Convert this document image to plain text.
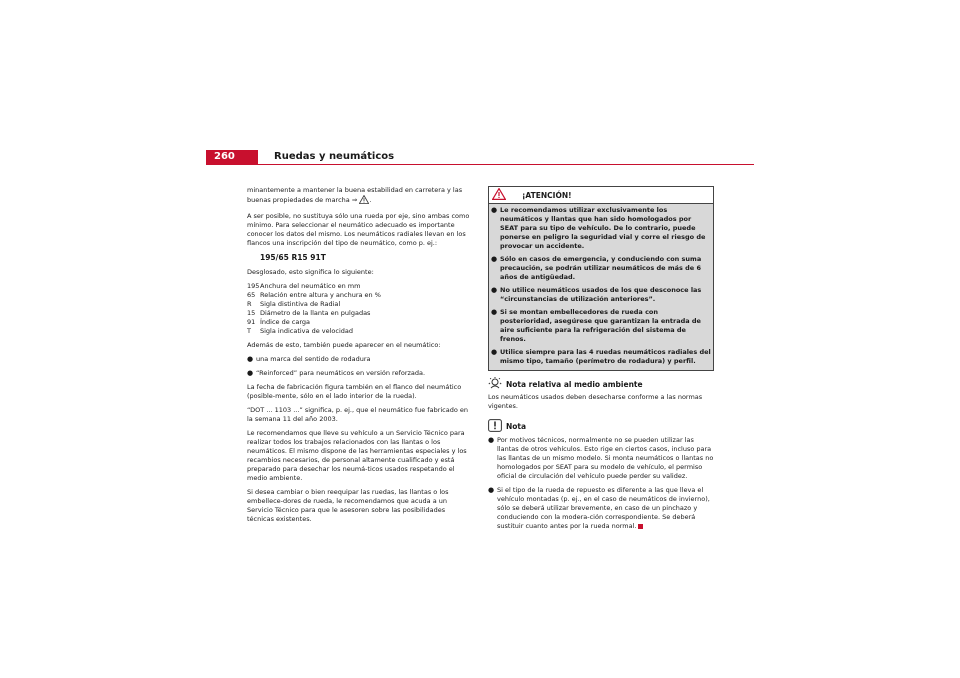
260	Ruedas y neumáticos

minantemente a mantener la buena estabilidad en carretera y las buenas propiedades de marcha ⇒ .

A ser posible, no sustituya sólo una rueda por eje, sino ambas como mínimo. Para seleccionar el neumático adecuado es importante conocer los datos del mismo. Los neumáticos radiales llevan en los flancos una inscripción del tipo de neumático, como p. ej.:

195/65 R15 91T

Desglosado, esto significa lo siguiente:

195 Anchura del neumático en mm
65 Relación entre altura y anchura en %
R	Sigla distintiva de Radial
15 Diámetro de la llanta en pulgadas
91 Índice de carga
T	Sigla indicativa de velocidad

Además de esto, también puede aparecer en el neumático:

● una marca del sentido de rodadura
● “Reinforced” para neumáticos en versión reforzada.

La fecha de fabricación figura también en el flanco del neumático (posible-mente, sólo en el lado interior de la rueda).

“DOT ... 1103 ...” significa, p. ej., que el neumático fue fabricado en la semana 11 del año 2003.

Le recomendamos que lleve su vehículo a un Servicio Técnico para realizar todos los trabajos relacionados con las llantas o los neumáticos. El mismo dispone de las herramientas especiales y los recambios necesarios, de personal altamente cualificado y está preparado para desechar los neumá-ticos usados respetando el medio ambiente.

Si desea cambiar o bien reequipar las ruedas, las llantas o los embellece-dores de rueda, le recomendamos que acuda a un Servicio Técnico para que le asesoren sobre las posibilidades técnicas existentes.

¡ATENCIÓN!
● Le recomendamos utilizar exclusivamente los neumáticos y llantas que han sido homologados por SEAT para su tipo de vehículo. De lo contrario, puede ponerse en peligro la seguridad vial y corre el riesgo de provocar un accidente.
● Sólo en casos de emergencia, y conduciendo con suma precaución, se podrán utilizar neumáticos de más de 6 años de antigüedad.
● No utilice neumáticos usados de los que desconoce las “circunstancias de utilización anteriores”.
● Si se montan embellecedores de rueda con posterioridad, asegúrese que garantizan la entrada de aire suficiente para la refrigeración del sistema de frenos.
● Utilice siempre para las 4 ruedas neumáticos radiales del mismo tipo, tamaño (perímetro de rodadura) y perfil.
Nota relativa al medio ambiente

Los neumáticos usados deben desecharse conforme a las normas vigentes.

Nota
● Por motivos técnicos, normalmente no se pueden utilizar las llantas de otros vehículos. Esto rige en ciertos casos, incluso para las llantas de un mismo modelo. Si monta neumáticos o llantas no homologados por SEAT para su modelo de vehículo, el permiso oficial de circulación del vehículo puede perder su validez.
● Si el tipo de la rueda de repuesto es diferente a las que lleva el vehículo montadas (p. ej., en el caso de neumáticos de invierno), sólo se deberá utilizar brevemente, en caso de un pinchazo y conduciendo con la modera-ción correspondiente. Se deberá sustituir cuanto antes por la rueda normal.
